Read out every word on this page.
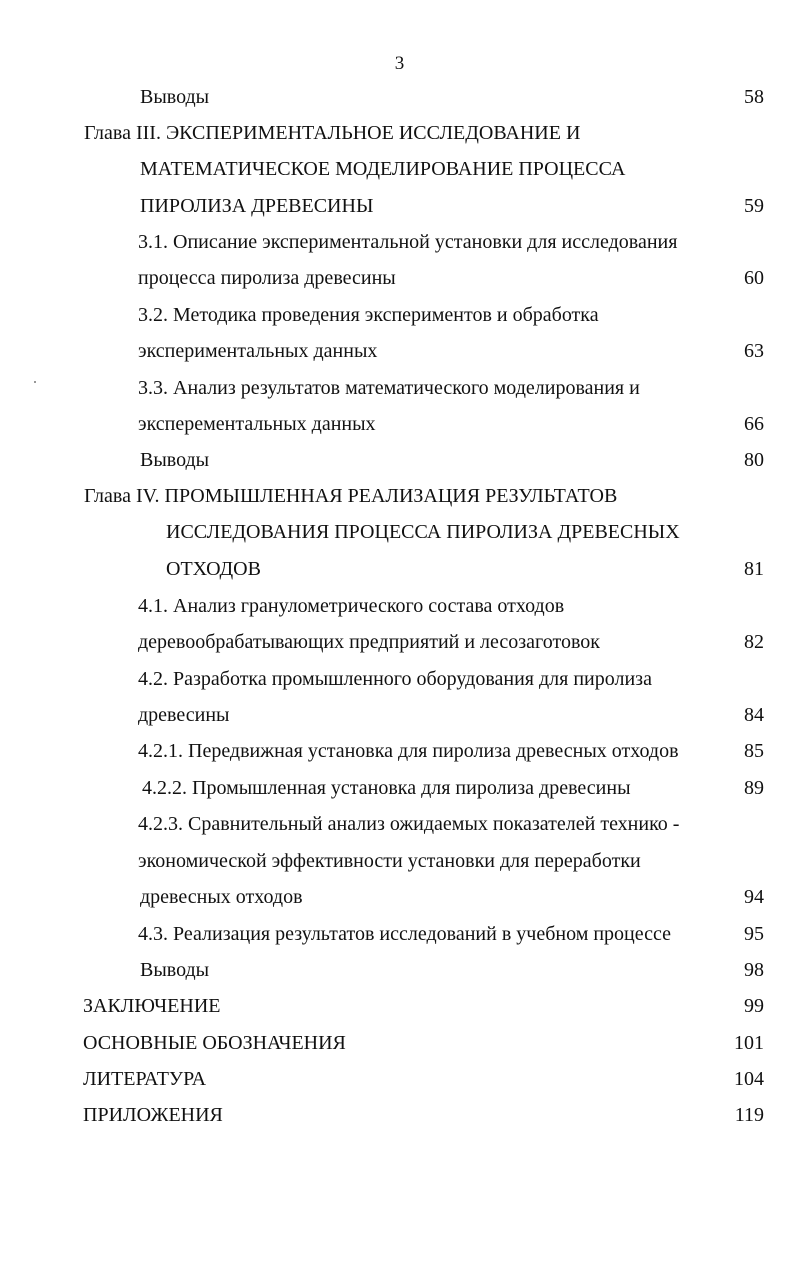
3
Выводы	58
Глава III. ЭКСПЕРИМЕНТАЛЬНОЕ ИССЛЕДОВАНИЕ И
МАТЕМАТИЧЕСКОЕ МОДЕЛИРОВАНИЕ ПРОЦЕССА
ПИРОЛИЗА ДРЕВЕСИНЫ	59
3.1. Описание экспериментальной установки для исследования
процесса пиролиза древесины	60
3.2. Методика проведения экспериментов и обработка
экспериментальных данных	63
3.3. Анализ результатов математического моделирования и
эксперементальных данных	66
Выводы	80
Глава IV. ПРОМЫШЛЕННАЯ РЕАЛИЗАЦИЯ РЕЗУЛЬТАТОВ
ИССЛЕДОВАНИЯ ПРОЦЕССА ПИРОЛИЗА ДРЕВЕСНЫХ
ОТХОДОВ	81
4.1. Анализ гранулометрического состава отходов
деревообрабатывающих предприятий и лесозаготовок	82
4.2. Разработка промышленного оборудования для пиролиза
древесины	84
4.2.1. Передвижная установка для пиролиза древесных отходов	85
4.2.2. Промышленная установка для пиролиза древесины	89
4.2.3. Сравнительный анализ ожидаемых показателей технико -
экономической эффективности установки для переработки
древесных отходов	94
4.3. Реализация результатов исследований в учебном процессе	95
Выводы	98
ЗАКЛЮЧЕНИЕ	99
ОСНОВНЫЕ ОБОЗНАЧЕНИЯ	101
ЛИТЕРАТУРА	104
ПРИЛОЖЕНИЯ	119
